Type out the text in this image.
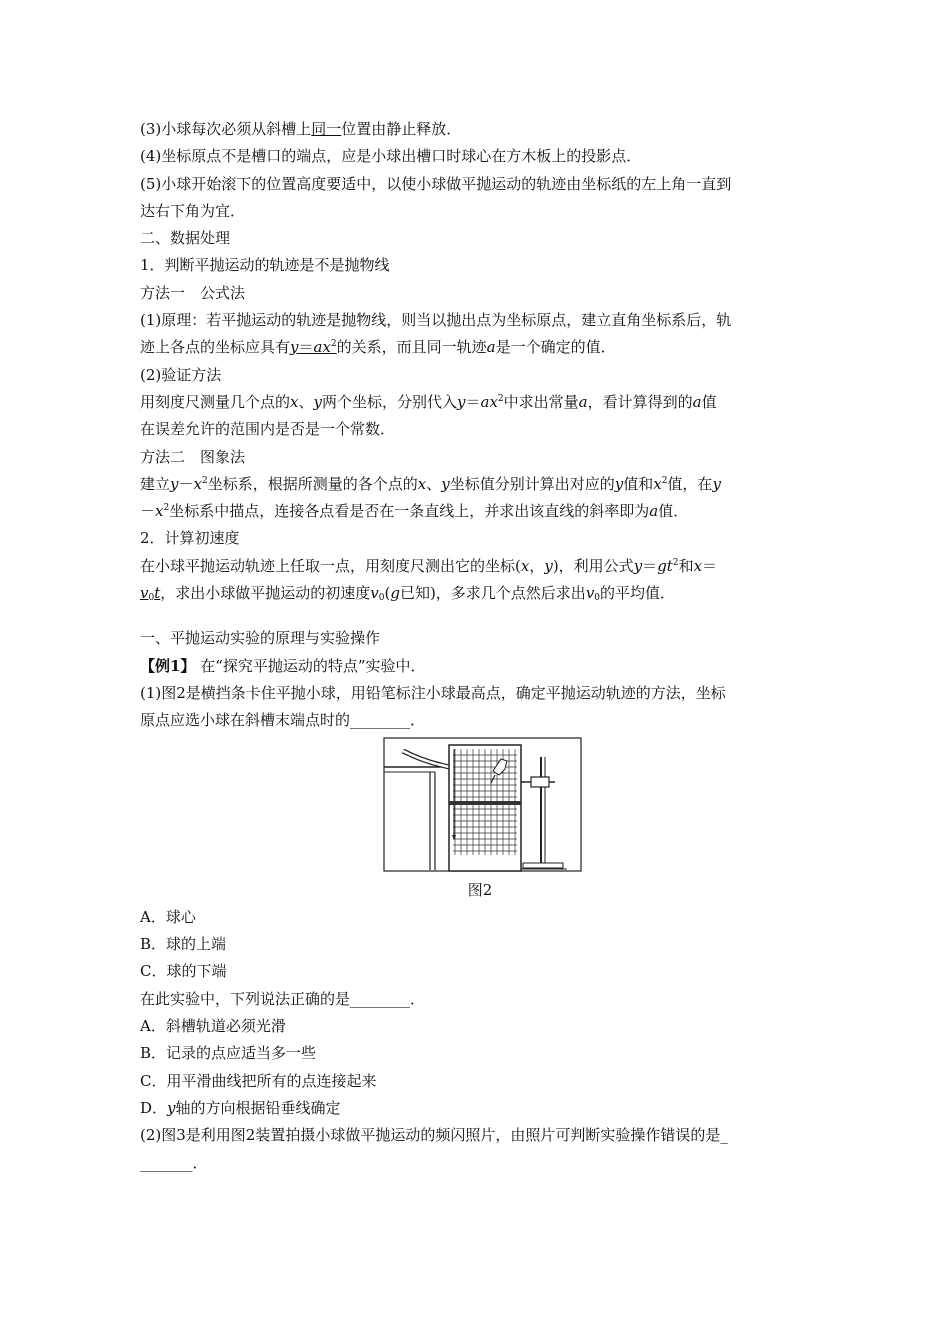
(3)小球每次必须从斜槽上同一位置由静止释放．
(4)坐标原点不是槽口的端点，应是小球出槽口时球心在方木板上的投影点．
(5)小球开始滚下的位置高度要适中，以使小球做平抛运动的轨迹由坐标纸的左上角一直到
达右下角为宜．
二、数据处理
1．判断平抛运动的轨迹是不是抛物线
方法一　公式法
(1)原理：若平抛运动的轨迹是抛物线，则当以抛出点为坐标原点，建立直角坐标系后，轨
迹上各点的坐标应具有$y=ax^2$的关系，而且同一轨迹a是一个确定的值．
(2)验证方法
用刻度尺测量几个点的x、y两个坐标，分别代入$y=ax^2$中求出常量a，看计算得到的a值
在误差允许的范围内是否是一个常数．
方法二　图象法
建立$y-x^2$坐标系，根据所测量的各个点的x、y坐标值分别计算出对应的y值和$x^2$值，在y
$-x^2$坐标系中描点，连接各点看是否在一条直线上，并求出该直线的斜率即为a值．
2．计算初速度
在小球平抛运动轨迹上任取一点，用刻度尺测出它的坐标(x，y)，利用公式$y=gt^2$和x＝
$v_0t$，求出小球做平抛运动的初速度$v_0(g$已知)，多求几个点然后求出$v_0$的平均值．
一、平抛运动实验的原理与实验操作
【例1】 在“探究平抛运动的特点”实验中．
(1)图2是横挡条卡住平抛小球，用铅笔标注小球最高点，确定平抛运动轨迹的方法，坐标
原点应选小球在斜槽末端点时的________．
图2
A．球心
B．球的上端
C．球的下端
在此实验中，下列说法正确的是________．
A．斜槽轨道必须光滑
B．记录的点应适当多一些
C．用平滑曲线把所有的点连接起来
D．y轴的方向根据铅垂线确定
(2)图3是利用图2装置拍摄小球做平抛运动的频闪照片，由照片可判断实验操作错误的是_
_______．
